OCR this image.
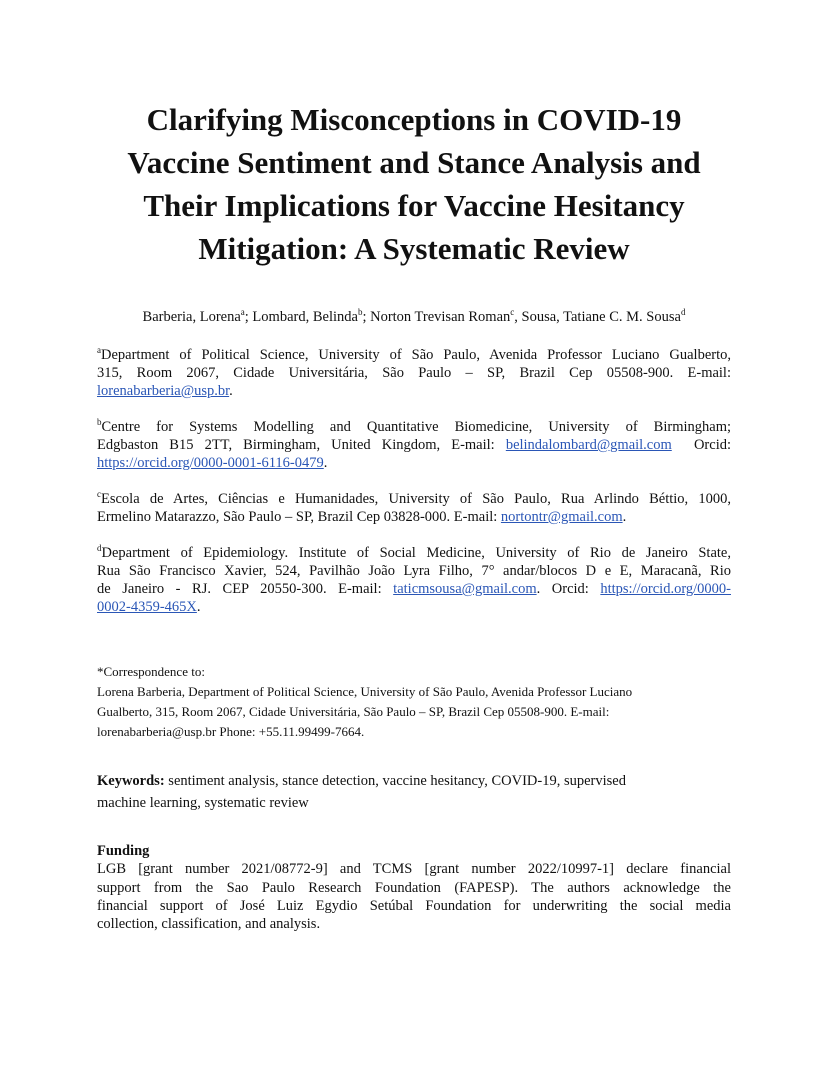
Clarifying Misconceptions in COVID-19
Vaccine Sentiment and Stance Analysis and
Their Implications for Vaccine Hesitancy
Mitigation: A Systematic Review
Barberia, Lorena$^a$; Lombard, Belinda$^b$; Norton Trevisan Roman$^c$, Sousa, Tatiane C. M. Sousa$^d$
$^a$Department of Political Science, University of São Paulo, Avenida Professor Luciano Gualberto,
315, Room 2067, Cidade Universitária, São Paulo – SP, Brazil Cep 05508-900. E-mail:
lorenabarberia@usp.br.
$^b$Centre for Systems Modelling and Quantitative Biomedicine, University of Birmingham;
Edgbaston B15 2TT, Birmingham, United Kingdom, E-mail: belindalombard@gmail.com  Orcid:
https://orcid.org/0000-0001-6116-0479.
$^c$Escola de Artes, Ciências e Humanidades, University of São Paulo, Rua Arlindo Béttio, 1000,
Ermelino Matarazzo, São Paulo – SP, Brazil Cep 03828-000. E-mail: nortontr@gmail.com.
$^d$Department of Epidemiology. Institute of Social Medicine, University of Rio de Janeiro State,
Rua São Francisco Xavier, 524, Pavilhão João Lyra Filho, 7° andar/blocos D e E, Maracanã, Rio
de Janeiro - RJ. CEP 20550-300. E-mail: taticmsousa@gmail.com. Orcid: https://orcid.org/0000-
0002-4359-465X.
*Correspondence to:
Lorena Barberia, Department of Political Science, University of São Paulo, Avenida Professor Luciano
Gualberto, 315, Room 2067, Cidade Universitária, São Paulo – SP, Brazil Cep 05508-900. E-mail:
lorenabarberia@usp.br Phone: +55.11.99499-7664.
Keywords: sentiment analysis, stance detection, vaccine hesitancy, COVID-19, supervised
machine learning, systematic review
Funding
LGB [grant number 2021/08772-9] and TCMS [grant number 2022/10997-1] declare financial
support from the Sao Paulo Research Foundation (FAPESP). The authors acknowledge the
financial support of José Luiz Egydio Setúbal Foundation for underwriting the social media
collection, classification, and analysis.
